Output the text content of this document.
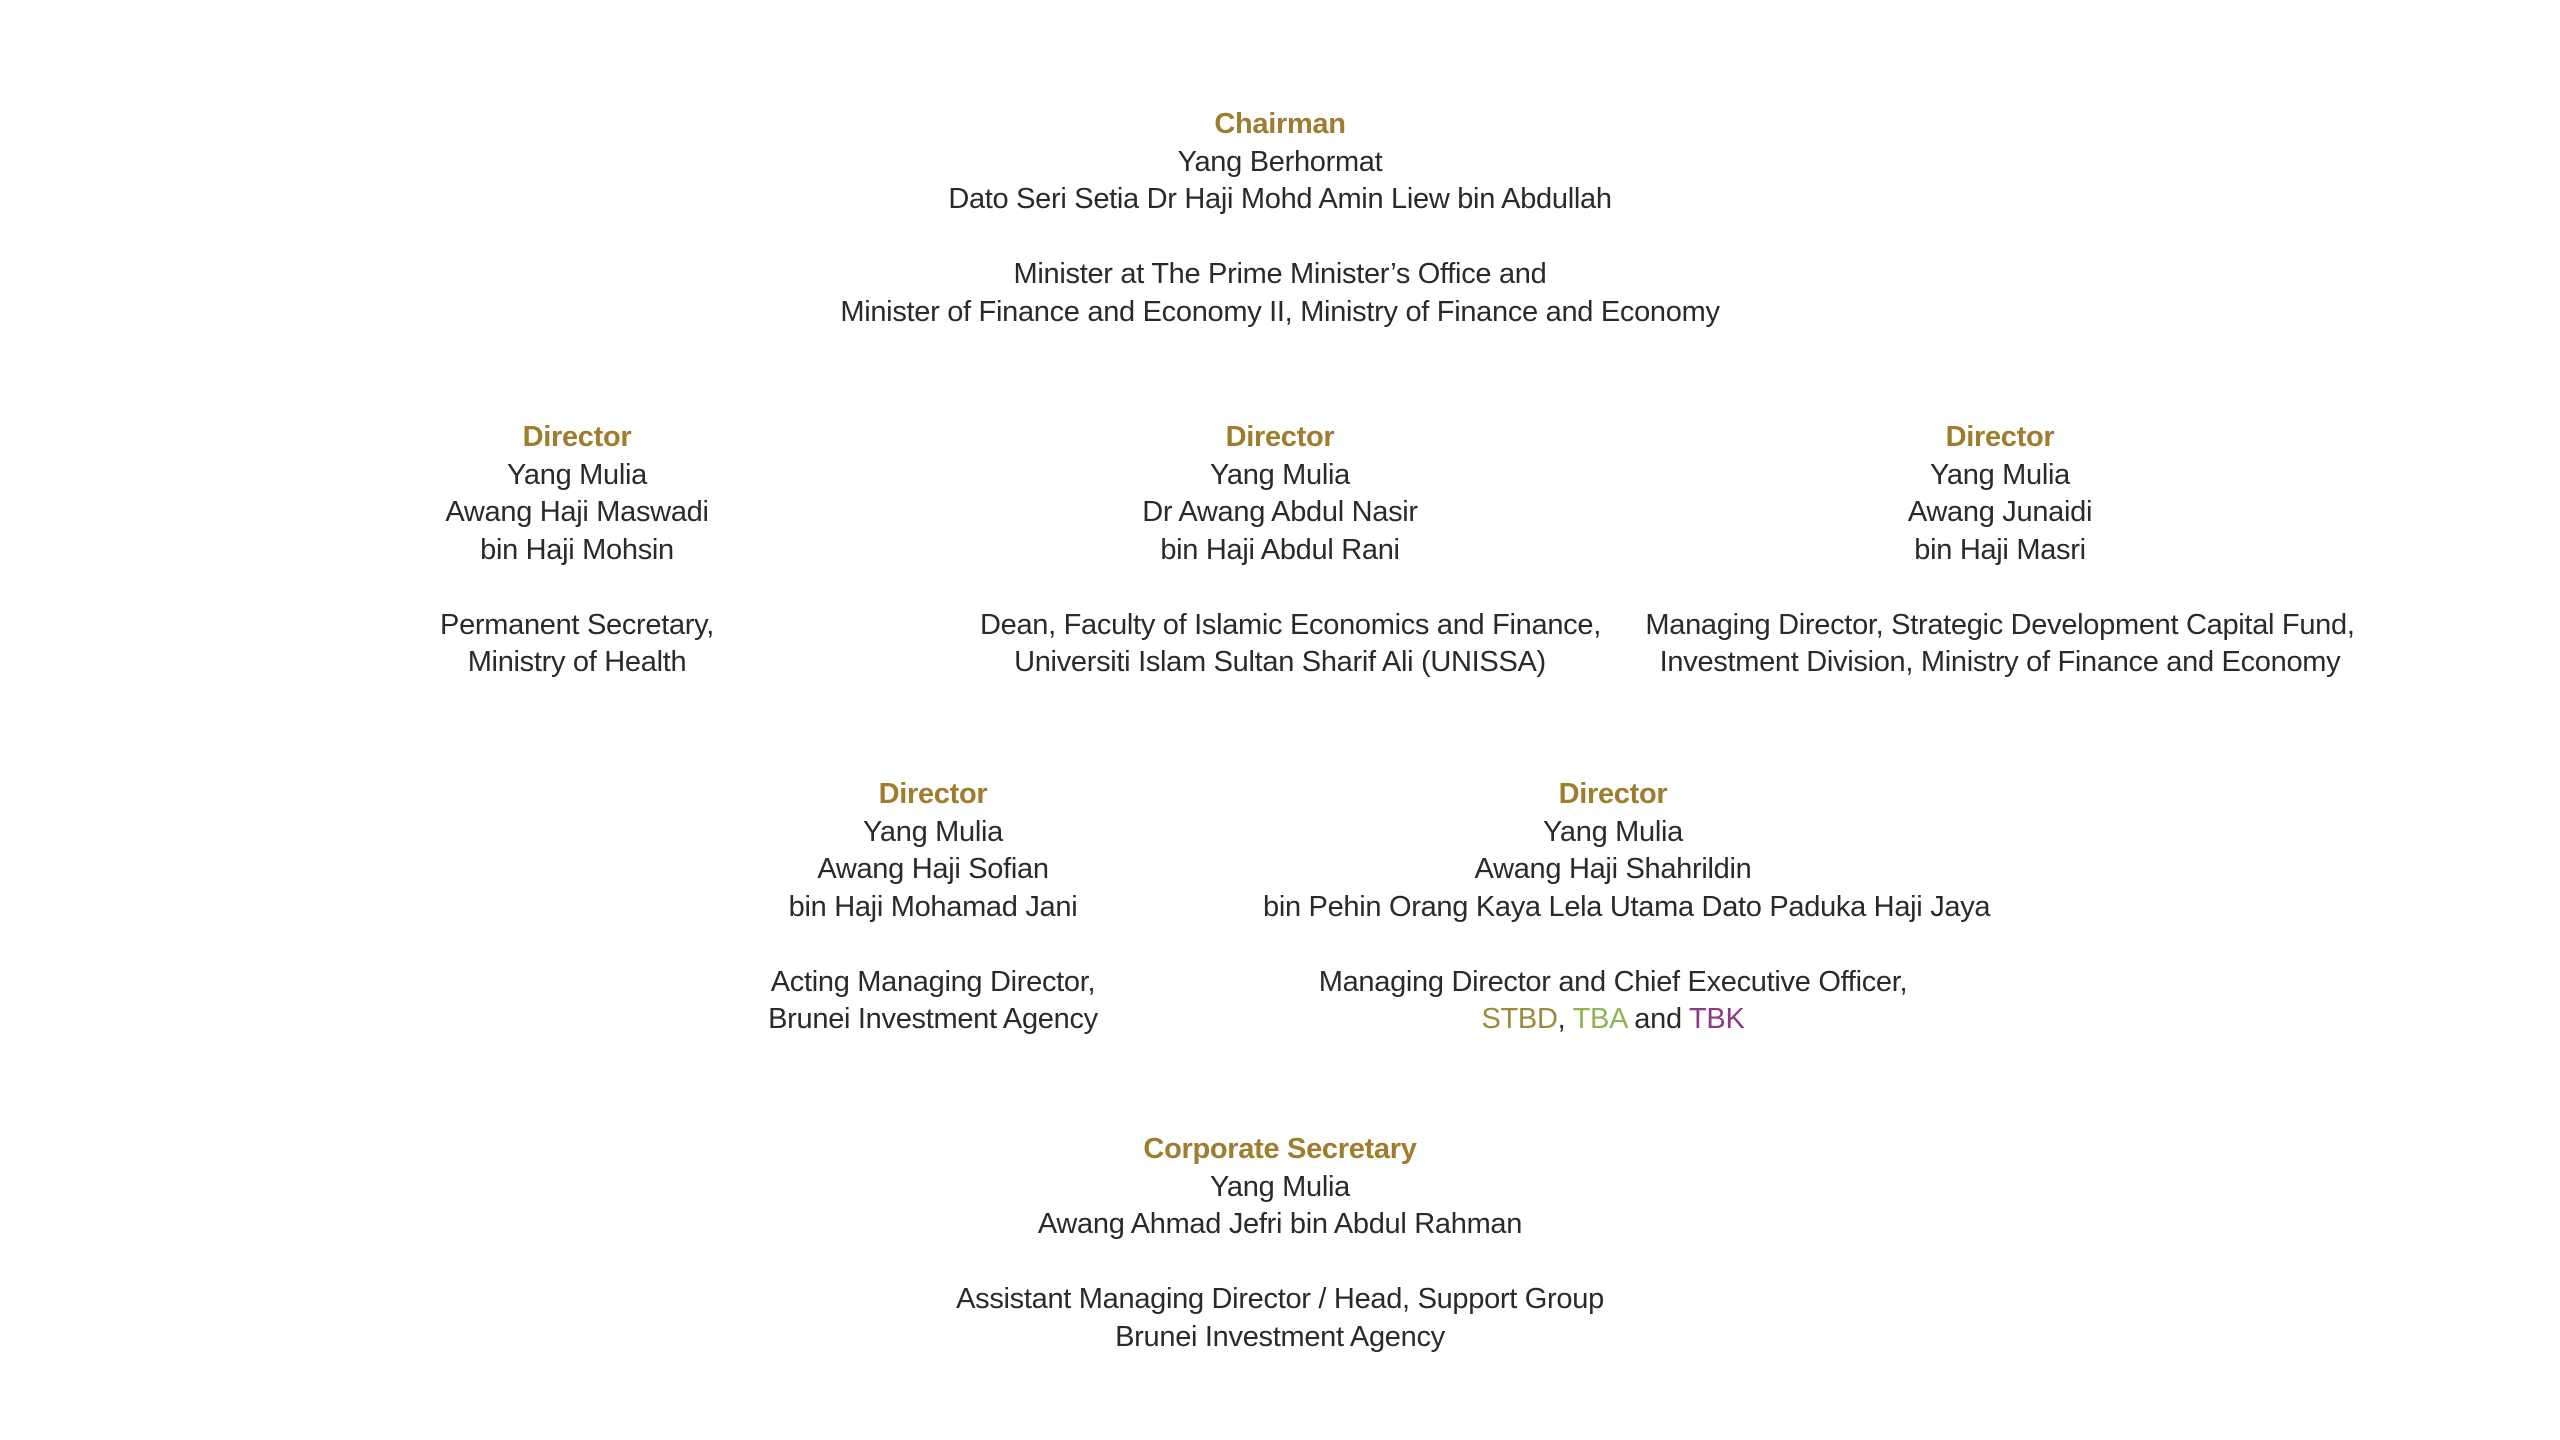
Chairman
Yang Berhormat
Dato Seri Setia Dr Haji Mohd Amin Liew bin Abdullah
Minister at The Prime Minister’s Office and
Minister of Finance and Economy II, Ministry of Finance and Economy
Director
Yang Mulia
Awang Haji Maswadi
bin Haji Mohsin
Permanent Secretary,
Ministry of Health
Director
Yang Mulia
Dr Awang Abdul Nasir
bin Haji Abdul Rani
Dean, Faculty of Islamic Economics and Finance,
Universiti Islam Sultan Sharif Ali (UNISSA)
Director
Yang Mulia
Awang Junaidi
bin Haji Masri
Managing Director, Strategic Development Capital Fund,
Investment Division, Ministry of Finance and Economy
Director
Yang Mulia
Awang Haji Sofian
bin Haji Mohamad Jani
Acting Managing Director,
Brunei Investment Agency
Director
Yang Mulia
Awang Haji Shahrildin
bin Pehin Orang Kaya Lela Utama Dato Paduka Haji Jaya
Managing Director and Chief Executive Officer,
STBD, TBA and TBK
Corporate Secretary
Yang Mulia
Awang Ahmad Jefri bin Abdul Rahman
Assistant Managing Director / Head, Support Group
Brunei Investment Agency
